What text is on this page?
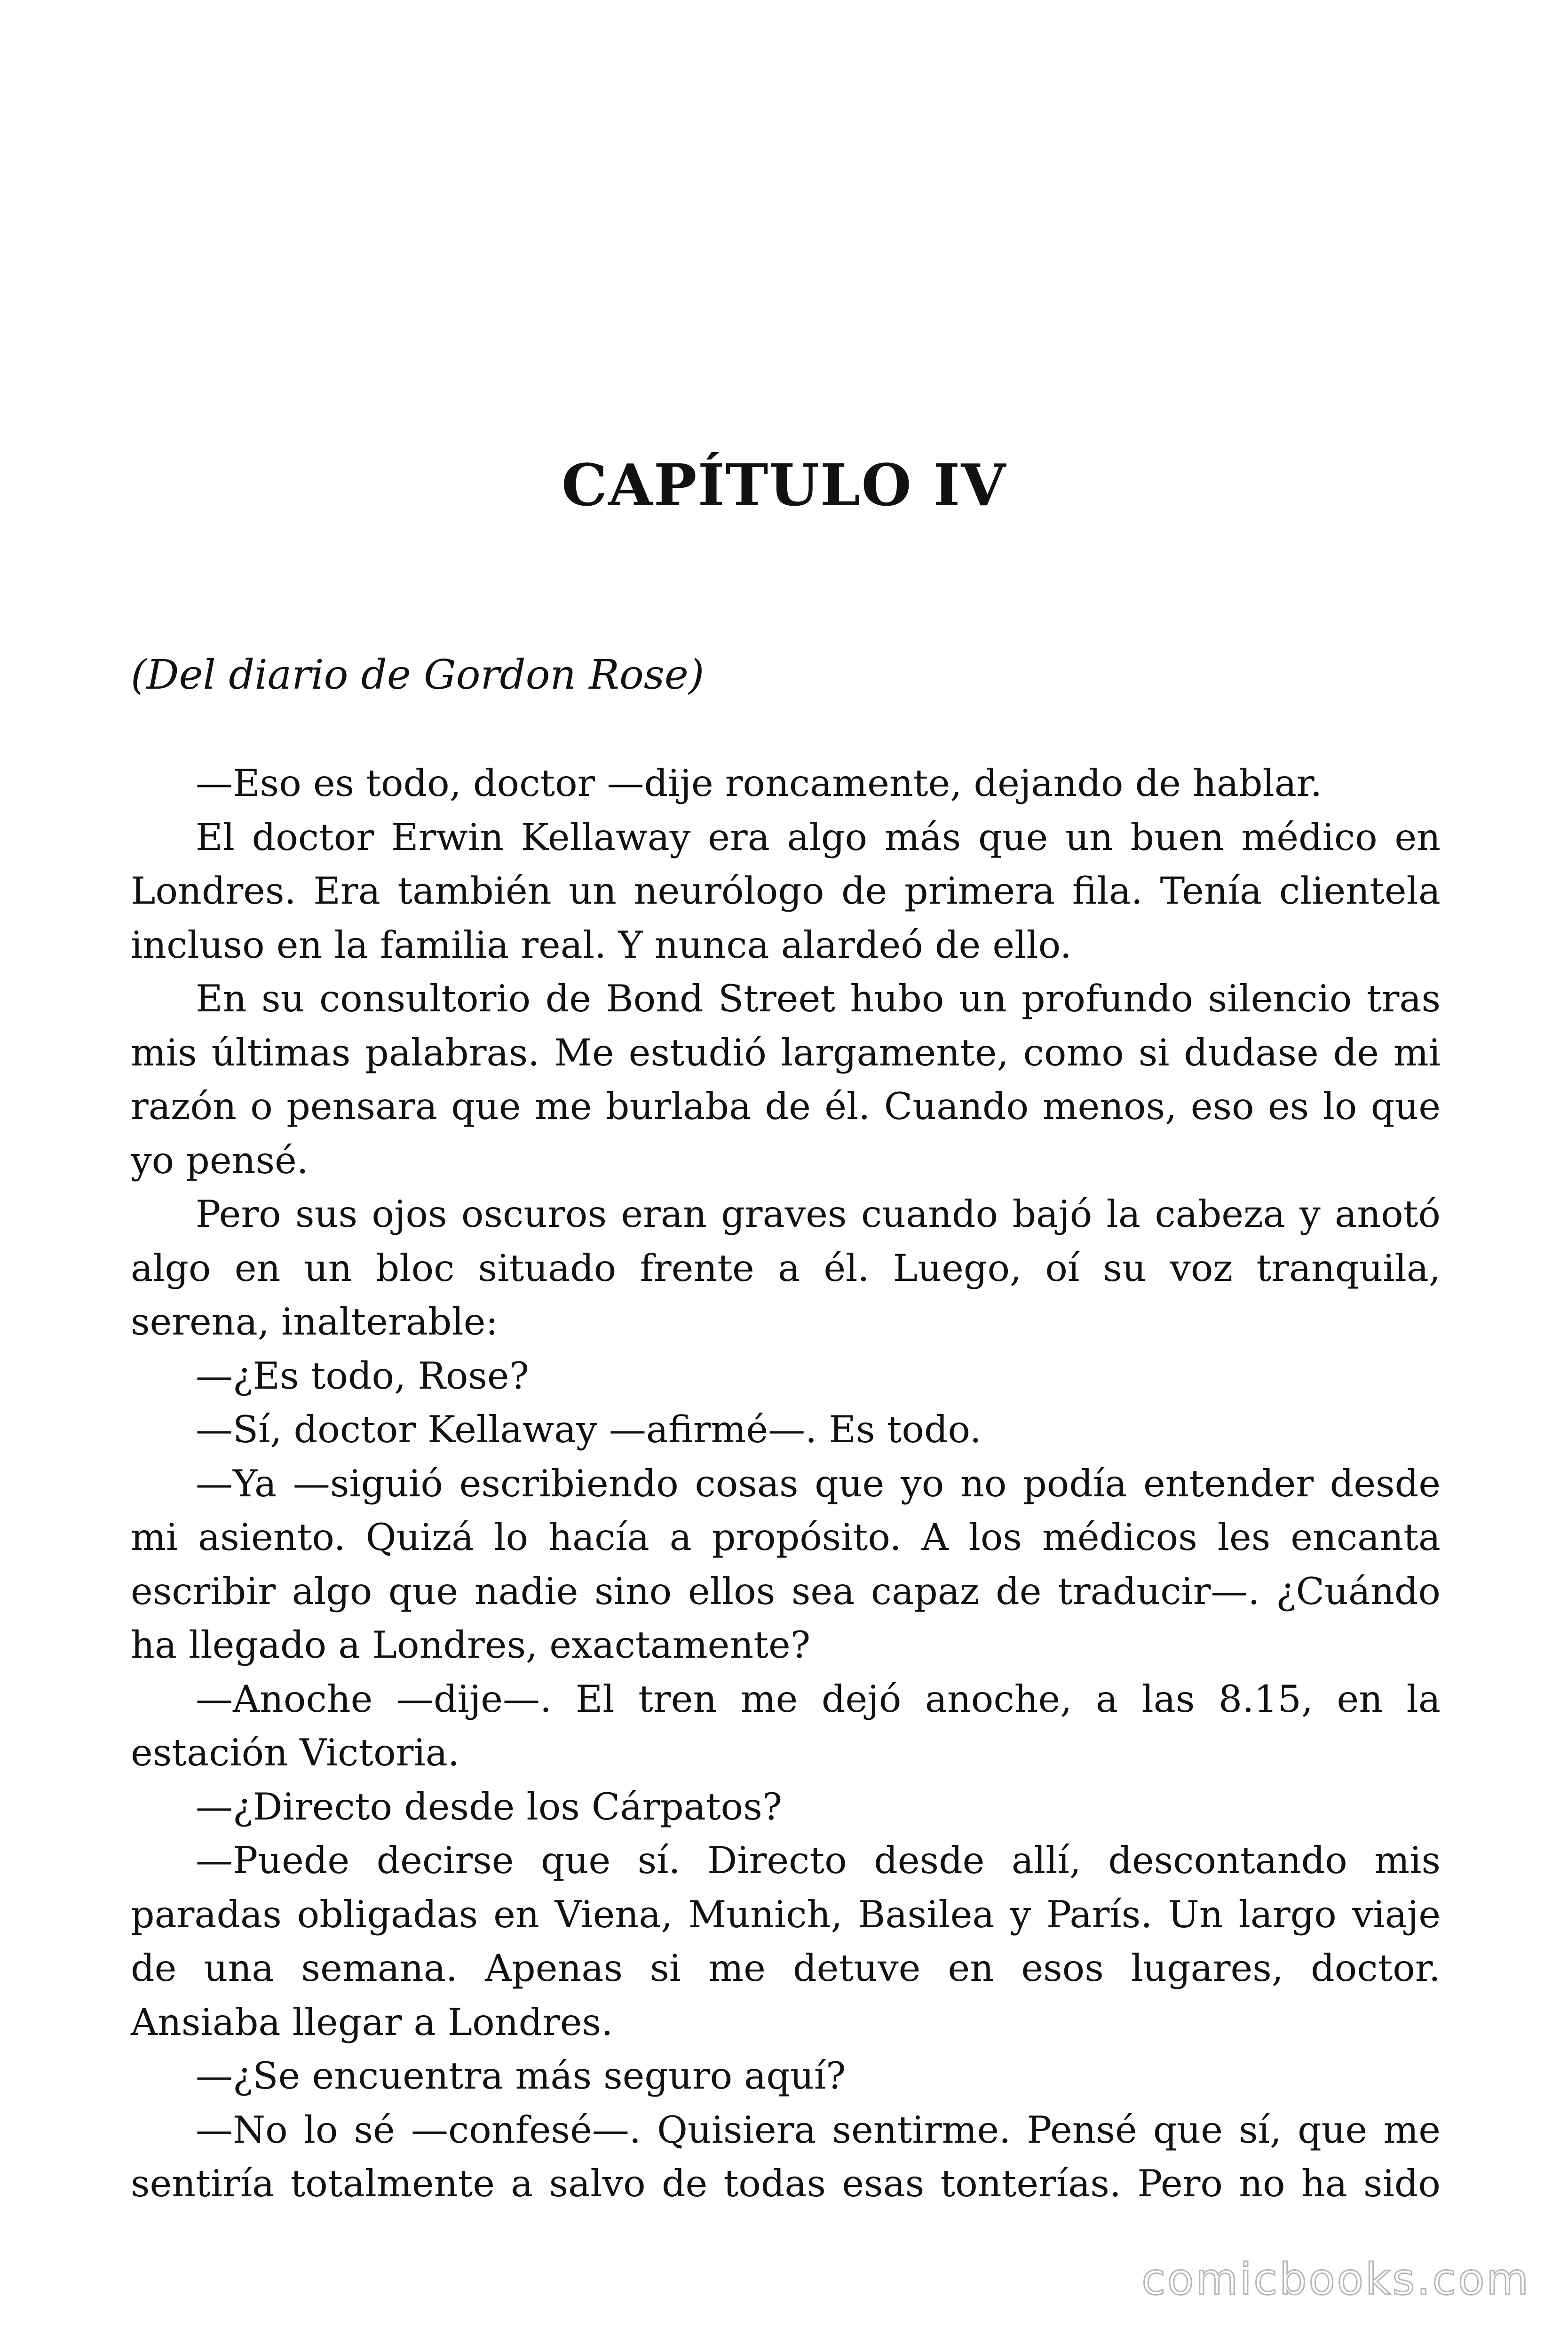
CAPÍTULO IV

(Del diario de Gordon Rose)

—Eso es todo, doctor —dije roncamente, dejando de hablar.

El doctor Erwin Kellaway era algo más que un buen médico en Londres. Era también un neurólogo de primera fila. Tenía clientela incluso en la familia real. Y nunca alardeó de ello.

En su consultorio de Bond Street hubo un profundo silencio tras mis últimas palabras. Me estudió largamente, como si dudase de mi razón o pensara que me burlaba de él. Cuando menos, eso es lo que yo pensé.

Pero sus ojos oscuros eran graves cuando bajó la cabeza y anotó algo en un bloc situado frente a él. Luego, oí su voz tranquila, serena, inalterable:

—¿Es todo, Rose?

—Sí, doctor Kellaway —afirmé—. Es todo.

—Ya —siguió escribiendo cosas que yo no podía entender desde mi asiento. Quizá lo hacía a propósito. A los médicos les encanta escribir algo que nadie sino ellos sea capaz de traducir—. ¿Cuándo ha llegado a Londres, exactamente?

—Anoche —dije—. El tren me dejó anoche, a las 8.15, en la estación Victoria.

—¿Directo desde los Cárpatos?

—Puede decirse que sí. Directo desde allí, descontando mis paradas obligadas en Viena, Munich, Basilea y París. Un largo viaje de una semana. Apenas si me detuve en esos lugares, doctor. Ansiaba llegar a Londres.

—¿Se encuentra más seguro aquí?

—No lo sé —confesé—. Quisiera sentirme. Pensé que sí, que me sentiría totalmente a salvo de todas esas tonterías. Pero no ha sido

comicbooks.com
